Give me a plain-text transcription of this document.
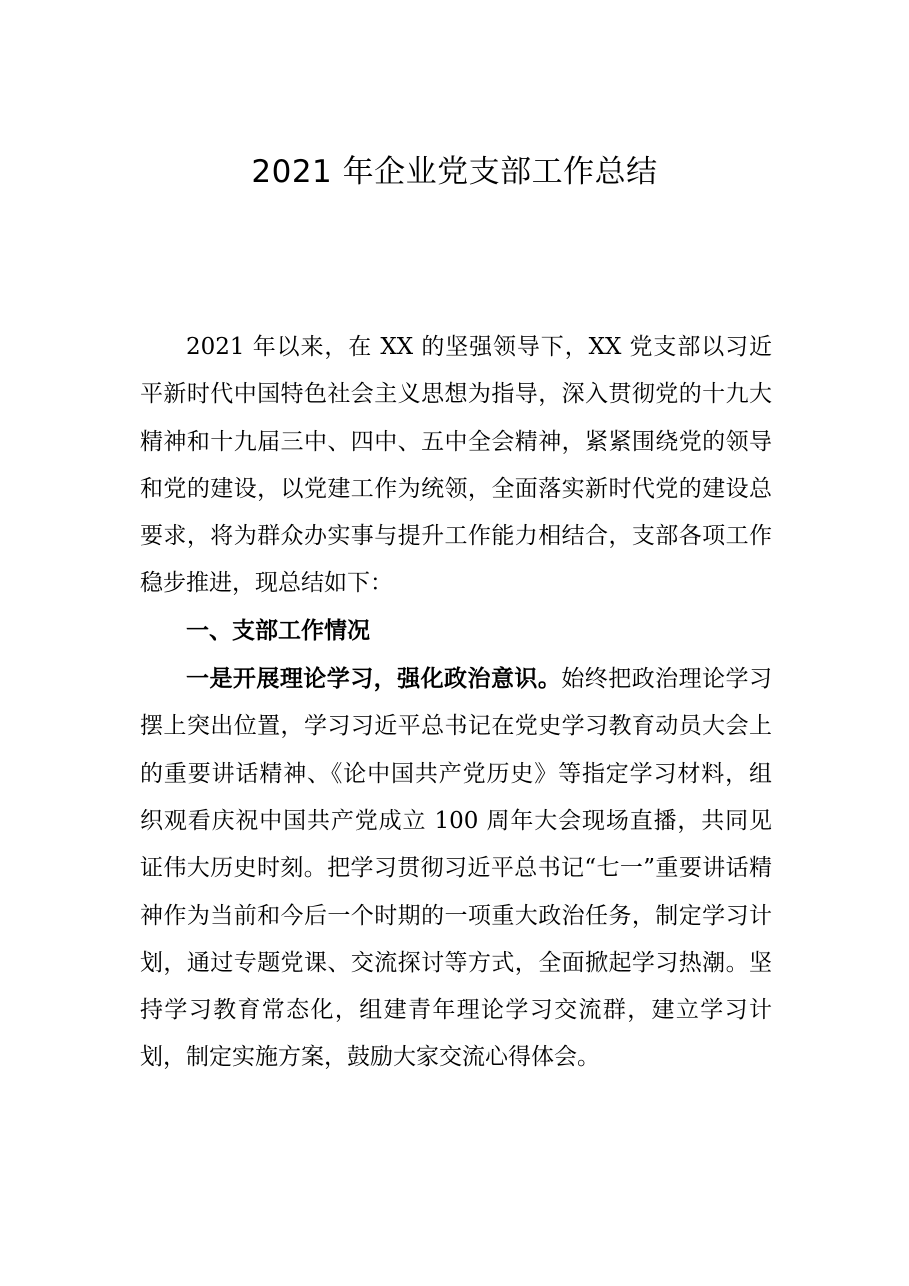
2021 年企业党支部工作总结

2021 年以来，在 XX 的坚强领导下，XX 党支部以习近平新时代中国特色社会主义思想为指导，深入贯彻党的十九大精神和十九届三中、四中、五中全会精神，紧紧围绕党的领导和党的建设，以党建工作为统领，全面落实新时代党的建设总要求，将为群众办实事与提升工作能力相结合，支部各项工作稳步推进，现总结如下：

一、支部工作情况

一是开展理论学习，强化政治意识。始终把政治理论学习摆上突出位置，学习习近平总书记在党史学习教育动员大会上的重要讲话精神、《论中国共产党历史》等指定学习材料，组织观看庆祝中国共产党成立 100 周年大会现场直播，共同见证伟大历史时刻。把学习贯彻习近平总书记“七一”重要讲话精神作为当前和今后一个时期的一项重大政治任务，制定学习计划，通过专题党课、交流探讨等方式，全面掀起学习热潮。坚持学习教育常态化，组建青年理论学习交流群，建立学习计划，制定实施方案，鼓励大家交流心得体会。
